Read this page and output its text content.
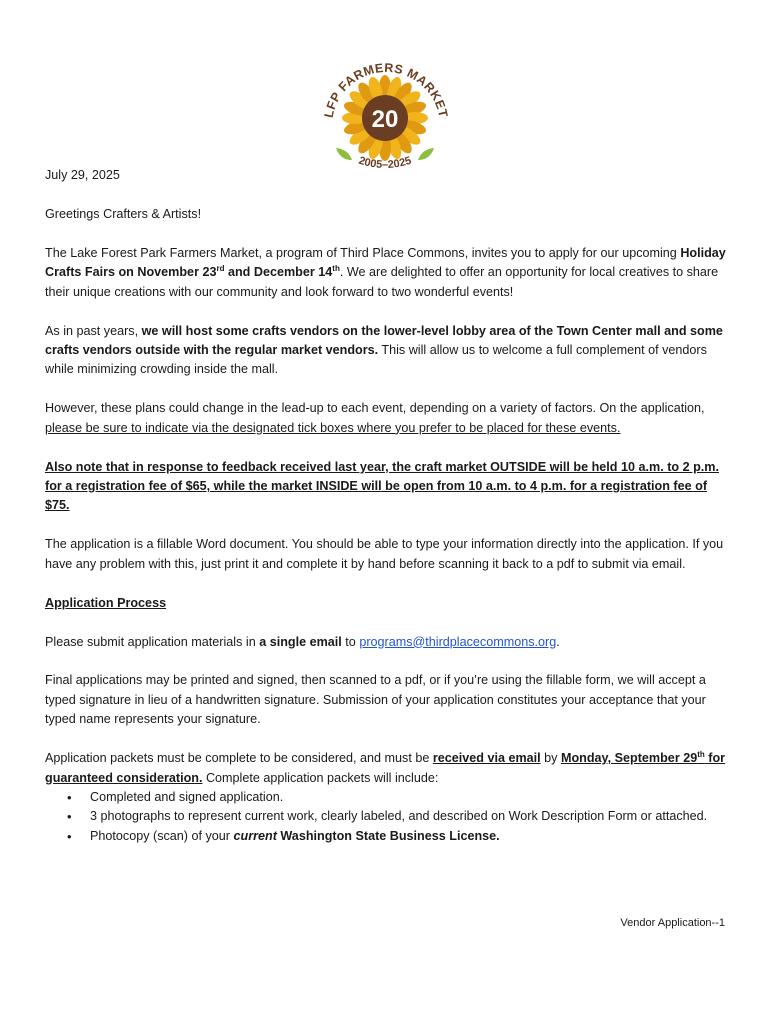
20
LFP FARMERS MARKET
2005–2025

July 29, 2025

Greetings Crafters & Artists!

The Lake Forest Park Farmers Market, a program of Third Place Commons, invites you to apply for our upcoming Holiday Crafts Fairs on November 23rd and December 14th. We are delighted to offer an opportunity for local creatives to share their unique creations with our community and look forward to two wonderful events!

As in past years, we will host some crafts vendors on the lower-level lobby area of the Town Center mall and some crafts vendors outside with the regular market vendors. This will allow us to welcome a full complement of vendors while minimizing crowding inside the mall.

However, these plans could change in the lead-up to each event, depending on a variety of factors. On the application, please be sure to indicate via the designated tick boxes where you prefer to be placed for these events.

Also note that in response to feedback received last year, the craft market OUTSIDE will be held 10 a.m. to 2 p.m. for a registration fee of $65, while the market INSIDE will be open from 10 a.m. to 4 p.m. for a registration fee of $75.

The application is a fillable Word document. You should be able to type your information directly into the application. If you have any problem with this, just print it and complete it by hand before scanning it back to a pdf to submit via email.

Application Process

Please submit application materials in a single email to programs@thirdplacecommons.org.

Final applications may be printed and signed, then scanned to a pdf, or if you’re using the fillable form, we will accept a typed signature in lieu of a handwritten signature. Submission of your application constitutes your acceptance that your typed name represents your signature.

Application packets must be complete to be considered, and must be received via email by Monday, September 29th for guaranteed consideration. Complete application packets will include:

• Completed and signed application.
• 3 photographs to represent current work, clearly labeled, and described on Work Description Form or attached.
• Photocopy (scan) of your current Washington State Business License.
Vendor Application--1
